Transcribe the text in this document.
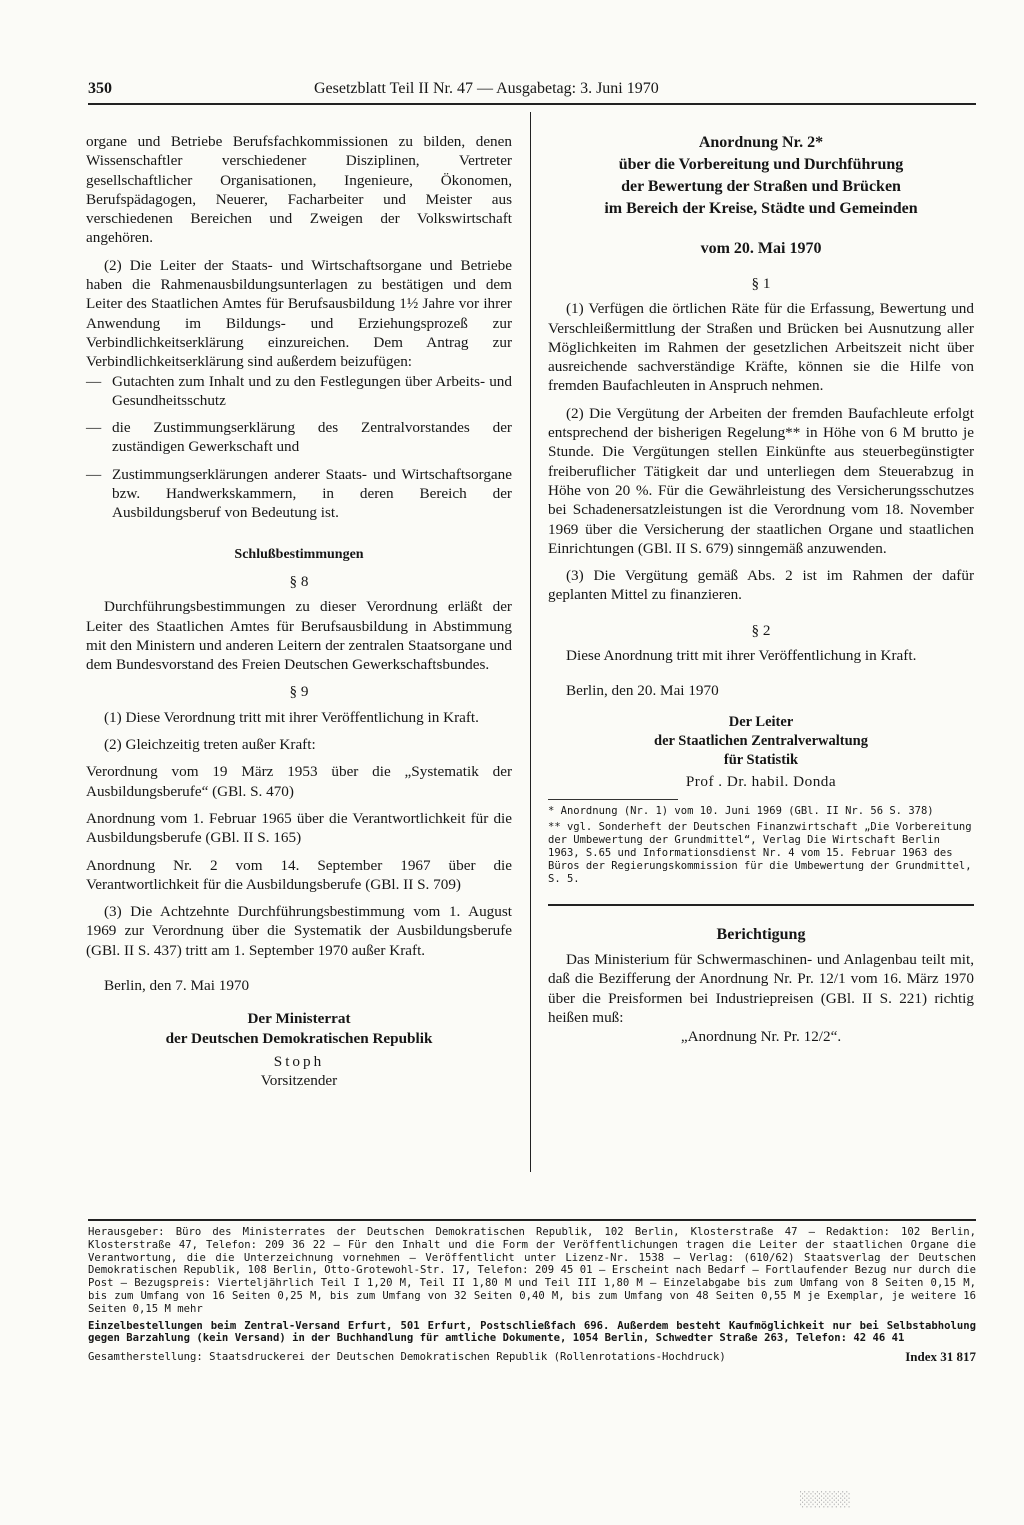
350	Gesetzblatt Teil II Nr. 47 — Ausgabetag: 3. Juni 1970

organe und Betriebe Berufsfachkommissionen zu bilden, denen Wissenschaftler verschiedener Disziplinen, Vertreter gesellschaftlicher Organisationen, Ingenieure, Ökonomen, Berufspädagogen, Neuerer, Facharbeiter und Meister aus verschiedenen Bereichen und Zweigen der Volkswirtschaft angehören.

(2) Die Leiter der Staats- und Wirtschaftsorgane und Betriebe haben die Rahmenausbildungsunterlagen zu bestätigen und dem Leiter des Staatlichen Amtes für Berufsausbildung 1½ Jahre vor ihrer Anwendung im Bildungs- und Erziehungsprozeß zur Verbindlichkeitserklärung einzureichen. Dem Antrag zur Verbindlichkeitserklärung sind außerdem beizufügen:

— Gutachten zum Inhalt und zu den Festlegungen über Arbeits- und Gesundheitsschutz

— die Zustimmungserklärung des Zentralvorstandes der zuständigen Gewerkschaft und

— Zustimmungserklärungen anderer Staats- und Wirtschaftsorgane bzw. Handwerkskammern, in deren Bereich der Ausbildungsberuf von Bedeutung ist.

Schlußbestimmungen

§ 8

Durchführungsbestimmungen zu dieser Verordnung erläßt der Leiter des Staatlichen Amtes für Berufsausbildung in Abstimmung mit den Ministern und anderen Leitern der zentralen Staatsorgane und dem Bundesvorstand des Freien Deutschen Gewerkschaftsbundes.

§ 9

(1) Diese Verordnung tritt mit ihrer Veröffentlichung in Kraft.

(2) Gleichzeitig treten außer Kraft:

Verordnung vom 19 März 1953 über die „Systematik der Ausbildungsberufe“ (GBl. S. 470)

Anordnung vom 1. Februar 1965 über die Verantwortlichkeit für die Ausbildungsberufe (GBl. II S. 165)

Anordnung Nr. 2 vom 14. September 1967 über die Verantwortlichkeit für die Ausbildungsberufe (GBl. II S. 709)

(3) Die Achtzehnte Durchführungsbestimmung vom 1. August 1969 zur Verordnung über die Systematik der Ausbildungsberufe (GBl. II S. 437) tritt am 1. September 1970 außer Kraft.

Berlin, den 7. Mai 1970

Der Ministerrat

der Deutschen Demokratischen Republik

Stoph

Vorsitzender

Anordnung Nr. 2*

über die Vorbereitung und Durchführung

der Bewertung der Straßen und Brücken

im Bereich der Kreise, Städte und Gemeinden

vom 20. Mai 1970

§ 1

(1) Verfügen die örtlichen Räte für die Erfassung, Bewertung und Verschleißermittlung der Straßen und Brücken bei Ausnutzung aller Möglichkeiten im Rahmen der gesetzlichen Arbeitszeit nicht über ausreichende sachverständige Kräfte, können sie die Hilfe von fremden Baufachleuten in Anspruch nehmen.

(2) Die Vergütung der Arbeiten der fremden Baufachleute erfolgt entsprechend der bisherigen Regelung** in Höhe von 6 M brutto je Stunde. Die Vergütungen stellen Einkünfte aus steuerbegünstigter freiberuflicher Tätigkeit dar und unterliegen dem Steuerabzug in Höhe von 20 %. Für die Gewährleistung des Versicherungsschutzes bei Schadenersatzleistungen ist die Verordnung vom 18. November 1969 über die Versicherung der staatlichen Organe und staatlichen Einrichtungen (GBl. II S. 679) sinngemäß anzuwenden.

(3) Die Vergütung gemäß Abs. 2 ist im Rahmen der dafür geplanten Mittel zu finanzieren.

§ 2

Diese Anordnung tritt mit ihrer Veröffentlichung in Kraft.

Berlin, den 20. Mai 1970

Der Leiter

der Staatlichen Zentralverwaltung

für Statistik

Prof . Dr. habil. Donda

* Anordnung (Nr. 1) vom 10. Juni 1969 (GBl. II Nr. 56 S. 378)

** vgl. Sonderheft der Deutschen Finanzwirtschaft „Die Vorbereitung der Umbewertung der Grundmittel“, Verlag Die Wirtschaft Berlin 1963, S.65 und Informationsdienst Nr. 4 vom 15. Februar 1963 des Büros der Regierungskommission für die Umbewertung der Grundmittel, S. 5.

Berichtigung

Das Ministerium für Schwermaschinen- und Anlagenbau teilt mit, daß die Bezifferung der Anordnung Nr. Pr. 12/1 vom 16. März 1970 über die Preisformen bei Industriepreisen (GBl. II S. 221) richtig heißen muß:

„Anordnung Nr. Pr. 12/2“.

Herausgeber: Büro des Ministerrates der Deutschen Demokratischen Republik, 102 Berlin, Klosterstraße 47 – Redaktion: 102 Berlin, Klosterstraße 47, Telefon: 209 36 22 – Für den Inhalt und die Form der Veröffentlichungen tragen die Leiter der staatlichen Organe die Verantwortung, die die Unterzeichnung vornehmen – Veröffentlicht unter Lizenz-Nr. 1538 – Verlag: (610/62) Staatsverlag der Deutschen Demokratischen Republik, 108 Berlin, Otto-Grotewohl-Str. 17, Telefon: 209 45 01 – Erscheint nach Bedarf – Fortlaufender Bezug nur durch die Post – Bezugspreis: Vierteljährlich Teil I 1,20 M, Teil II 1,80 M und Teil III 1,80 M – Einzelabgabe bis zum Umfang von 8 Seiten 0,15 M, bis zum Umfang von 16 Seiten 0,25 M, bis zum Umfang von 32 Seiten 0,40 M, bis zum Umfang von 48 Seiten 0,55 M je Exemplar, je weitere 16 Seiten 0,15 M mehr

Einzelbestellungen beim Zentral-Versand Erfurt, 501 Erfurt, Postschließfach 696. Außerdem besteht Kaufmöglichkeit nur bei Selbstabholung gegen Barzahlung (kein Versand) in der Buchhandlung für amtliche Dokumente, 1054 Berlin, Schwedter Straße 263, Telefon: 42 46 41

Gesamtherstellung: Staatsdruckerei der Deutschen Demokratischen Republik (Rollenrotations-Hochdruck)	Index 31 817
░░░░░░
